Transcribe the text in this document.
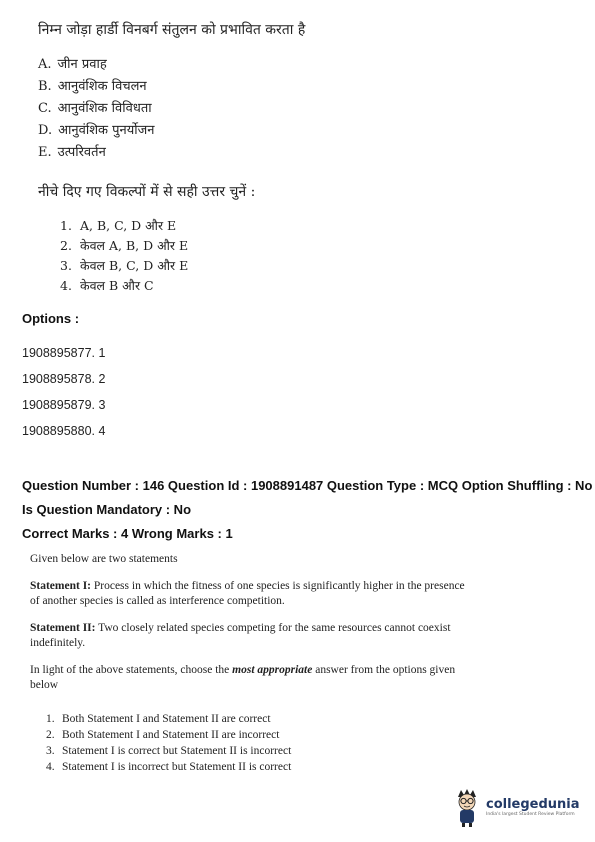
निम्न जोड़ा हार्डी विनबर्ग संतुलन को प्रभावित करता है
A. जीन प्रवाह
B. आनुवंशिक विचलन
C. आनुवंशिक विविधता
D. आनुवंशिक पुनर्योजन
E. उत्परिवर्तन
नीचे दिए गए विकल्पों में से सही उत्तर चुनें :
1. A, B, C, D और E
2. केवल A, B, D और E
3. केवल B, C, D और E
4. केवल B और C
Options :
1908895877. 1
1908895878. 2
1908895879. 3
1908895880. 4
Question Number : 146 Question Id : 1908891487 Question Type : MCQ Option Shuffling : No
Is Question Mandatory : No
Correct Marks : 4 Wrong Marks : 1

Given below are two statements

Statement I: Process in which the fitness of one species is significantly higher in the presence of another species is called as interference competition.

Statement II: Two closely related species competing for the same resources cannot coexist indefinitely.

In light of the above statements, choose the most appropriate answer from the options given below

1. Both Statement I and Statement II are correct
2. Both Statement I and Statement II are incorrect
3. Statement I is correct but Statement II is incorrect
4. Statement I is incorrect but Statement II is correct
collegedunia
India's largest Student Review Platform
